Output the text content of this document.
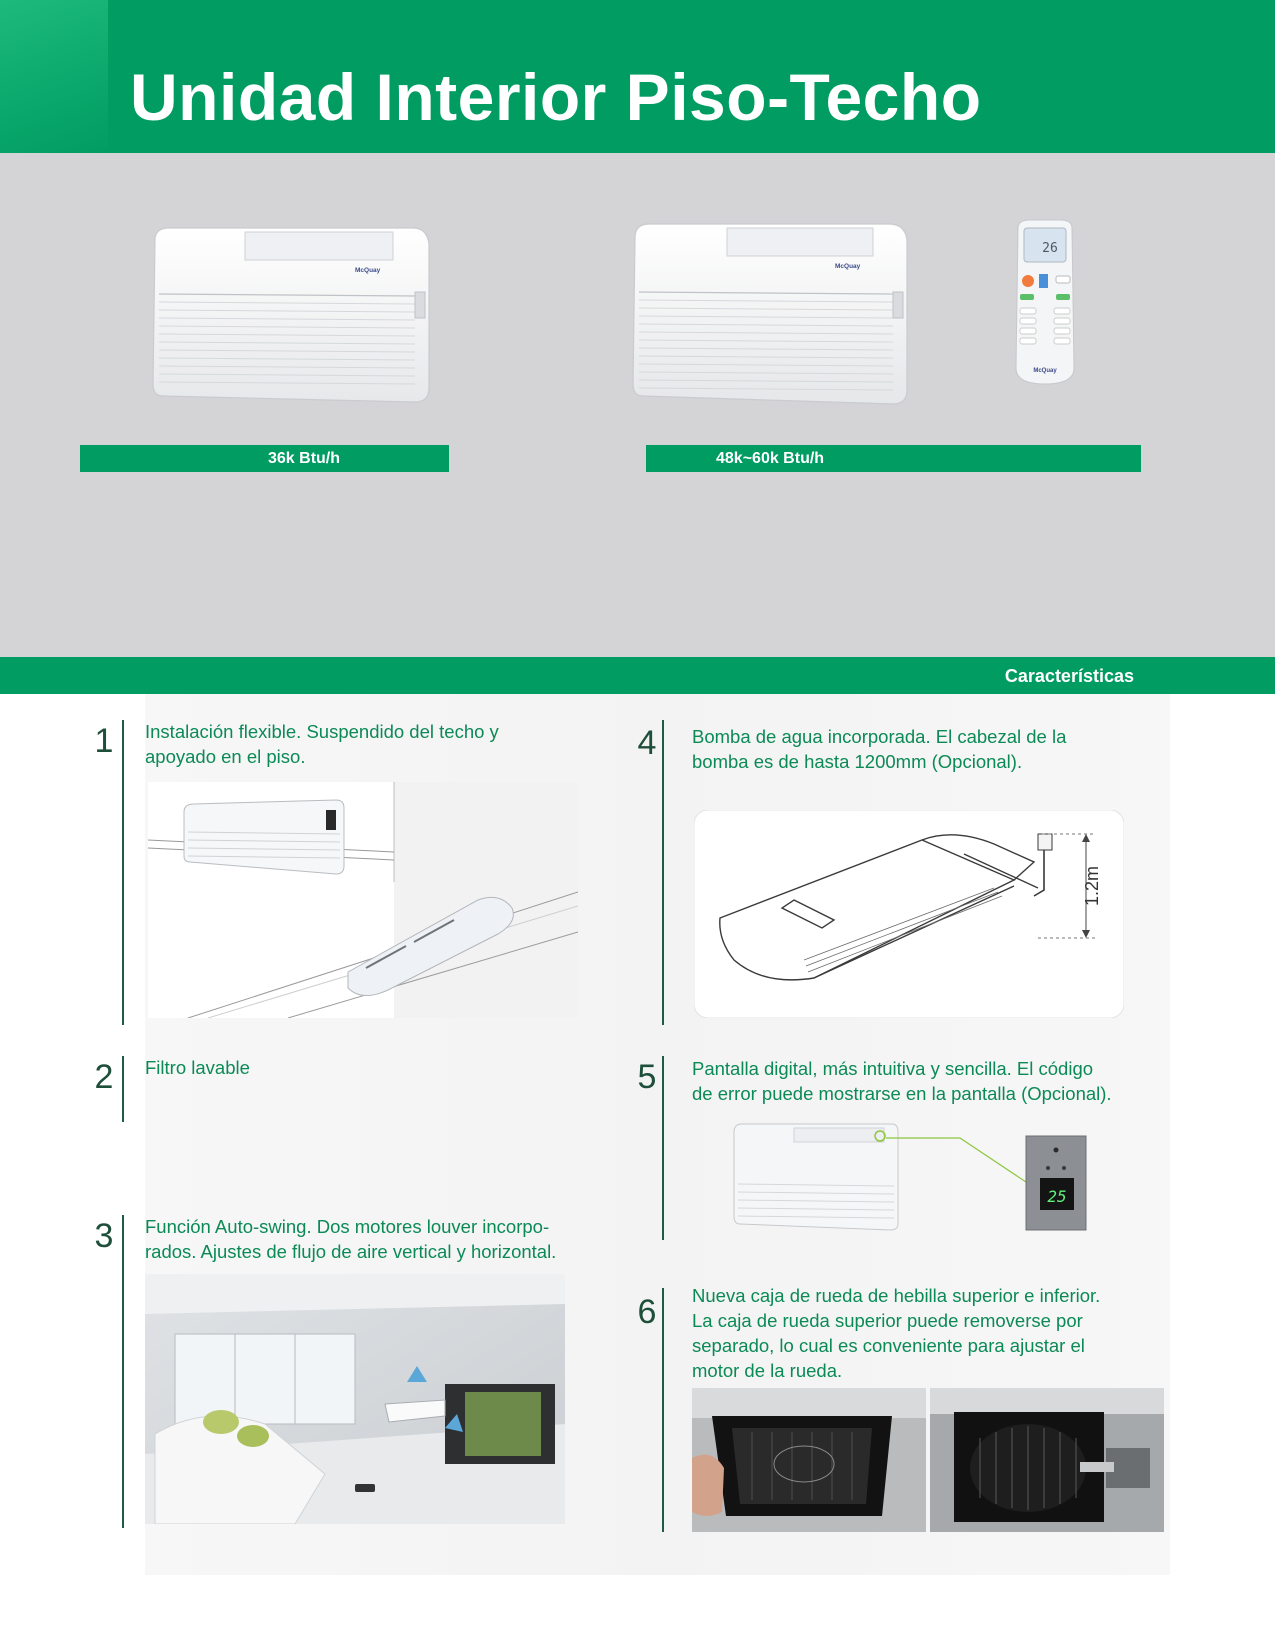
Unidad Interior Piso-Techo
McQuay
McQuay
26
McQuay
36k Btu/h	48k~60k Btu/h
Características
1 Instalación flexible. Suspendido del techo y
apoyado en el piso.
2 Filtro lavable
3 Función Auto-swing. Dos motores louver incorpo-
rados. Ajustes de flujo de aire vertical y horizontal.
4 Bomba de agua incorporada. El cabezal de la
bomba es de hasta 1200mm (Opcional).
1.2m
5 Pantalla digital, más intuitiva y sencilla. El código
de error puede mostrarse en la pantalla (Opcional).
25
6 Nueva caja de rueda de hebilla superior e inferior.
La caja de rueda superior puede removerse por
separado, lo cual es conveniente para ajustar el
motor de la rueda.
